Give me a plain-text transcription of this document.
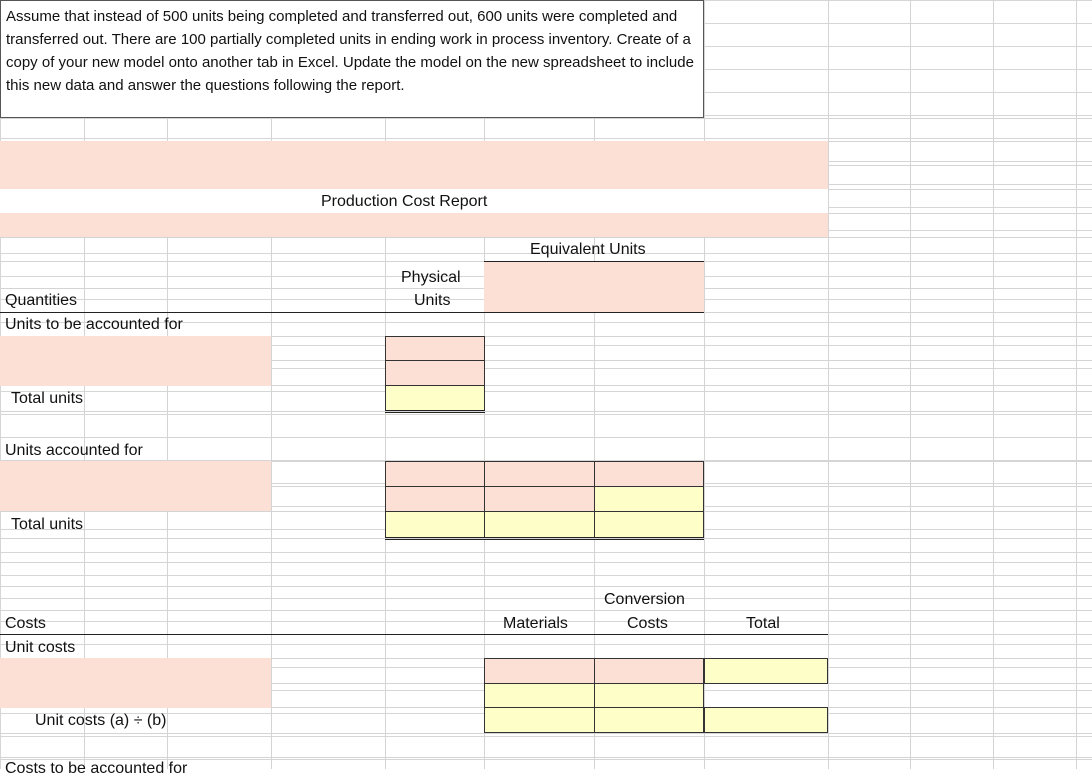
Assume that instead of 500 units being completed and transferred out, 600 units were completed and transferred out. There are 100 partially completed units in ending work in process inventory. Create of a copy of your new model onto another tab in Excel. Update the model on the new spreadsheet to include this new data and answer the questions following the report.
Production Cost Report
Equivalent Units
Physical
Units
Quantities
Units to be accounted for
Total units
Units accounted for
Total units
Conversion
Costs	Materials	Costs	Total
Unit costs
Unit costs (a) ÷ (b)
Costs to be accounted for
